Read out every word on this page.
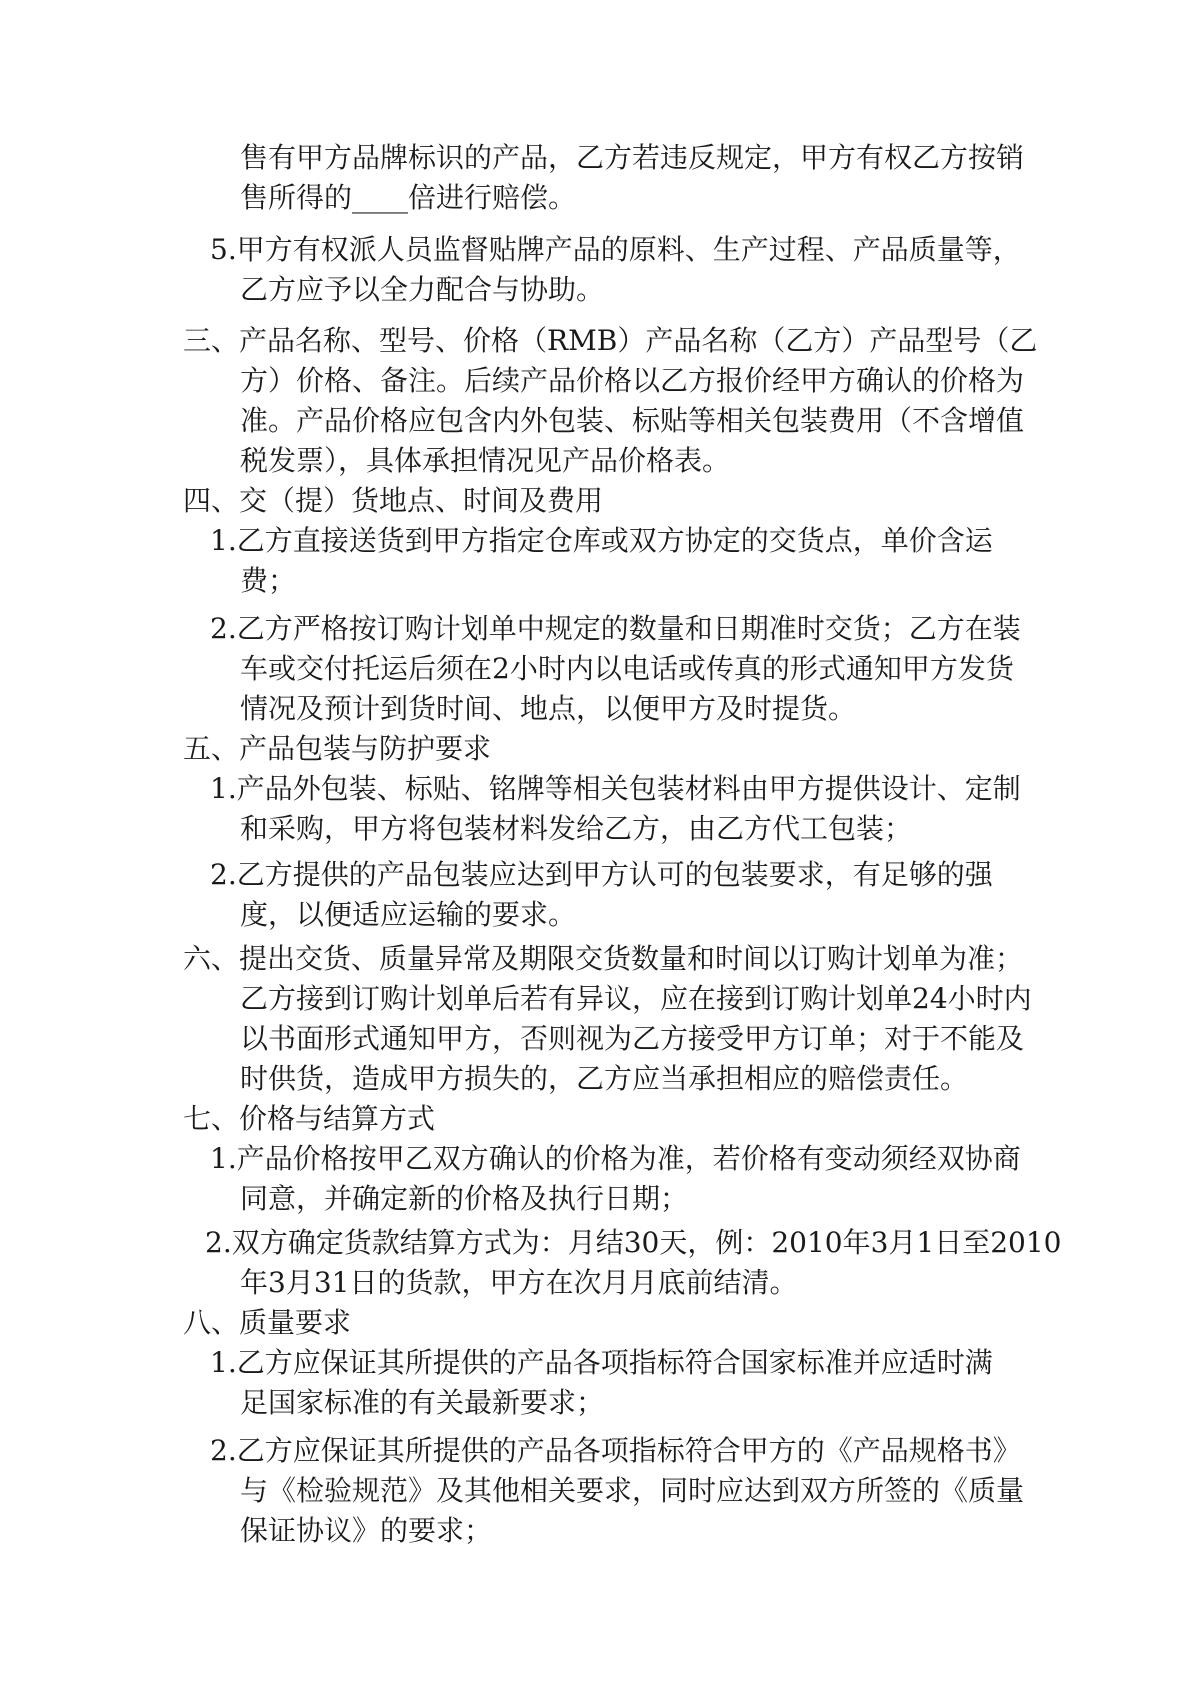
售有甲方品牌标识的产品，乙方若违反规定，甲方有权乙方按销
售所得的____倍进行赔偿。
5.甲方有权派人员监督贴牌产品的原料、生产过程、产品质量等，
乙方应予以全力配合与协助。
三、产品名称、型号、价格（RMB）产品名称（乙方）产品型号（乙
方）价格、备注。后续产品价格以乙方报价经甲方确认的价格为
准。产品价格应包含内外包装、标贴等相关包装费用（不含增值
税发票），具体承担情况见产品价格表。
四、交（提）货地点、时间及费用
1.乙方直接送货到甲方指定仓库或双方协定的交货点，单价含运
费；
2.乙方严格按订购计划单中规定的数量和日期准时交货；乙方在装
车或交付托运后须在2小时内以电话或传真的形式通知甲方发货
情况及预计到货时间、地点，以便甲方及时提货。
五、产品包装与防护要求
1.产品外包装、标贴、铭牌等相关包装材料由甲方提供设计、定制
和采购，甲方将包装材料发给乙方，由乙方代工包装；
2.乙方提供的产品包装应达到甲方认可的包装要求，有足够的强
度，以便适应运输的要求。
六、提出交货、质量异常及期限交货数量和时间以订购计划单为准；
乙方接到订购计划单后若有异议，应在接到订购计划单24小时内
以书面形式通知甲方，否则视为乙方接受甲方订单；对于不能及
时供货，造成甲方损失的，乙方应当承担相应的赔偿责任。
七、价格与结算方式
1.产品价格按甲乙双方确认的价格为准，若价格有变动须经双协商
同意，并确定新的价格及执行日期；
2.双方确定货款结算方式为：月结30天，例：2010年3月1日至2010
年3月31日的货款，甲方在次月月底前结清。
八、质量要求
1.乙方应保证其所提供的产品各项指标符合国家标准并应适时满
足国家标准的有关最新要求；
2.乙方应保证其所提供的产品各项指标符合甲方的《产品规格书》
与《检验规范》及其他相关要求，同时应达到双方所签的《质量
保证协议》的要求；
